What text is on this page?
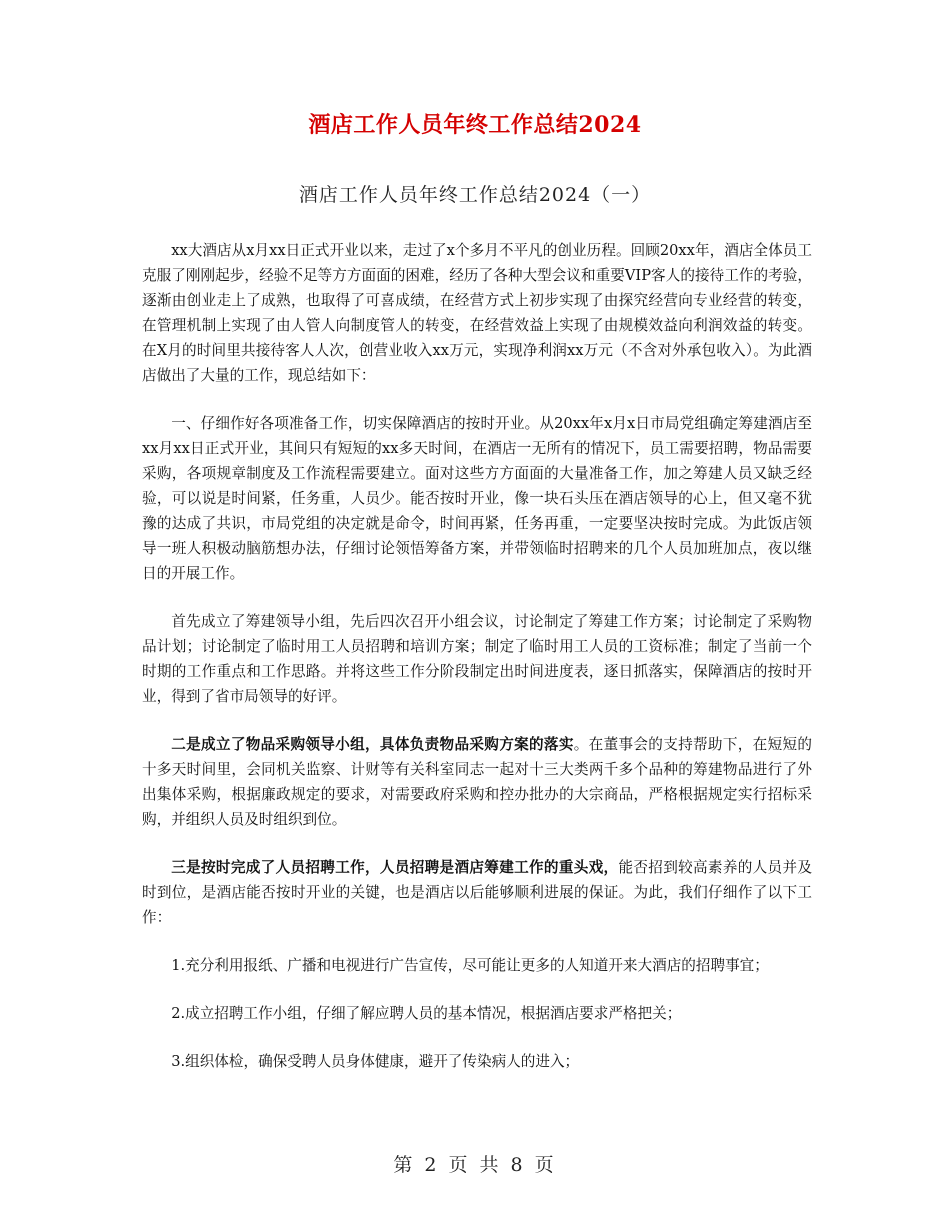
酒店工作人员年终工作总结2024
酒店工作人员年终工作总结2024（一）

xx大酒店从x月xx日正式开业以来，走过了x个多月不平凡的创业历程。回顾20xx年，酒店全体员工克服了刚刚起步，经验不足等方方面面的困难，经历了各种大型会议和重要VIP客人的接待工作的考验，逐渐由创业走上了成熟，也取得了可喜成绩，在经营方式上初步实现了由探究经营向专业经营的转变，在管理机制上实现了由人管人向制度管人的转变，在经营效益上实现了由规模效益向利润效益的转变。在X月的时间里共接待客人人次，创营业收入xx万元，实现净利润xx万元（不含对外承包收入）。为此酒店做出了大量的工作，现总结如下：

一、仔细作好各项准备工作，切实保障酒店的按时开业。从20xx年x月x日市局党组确定筹建酒店至xx月xx日正式开业，其间只有短短的xx多天时间，在酒店一无所有的情况下，员工需要招聘，物品需要采购，各项规章制度及工作流程需要建立。面对这些方方面面的大量准备工作，加之筹建人员又缺乏经验，可以说是时间紧，任务重，人员少。能否按时开业，像一块石头压在酒店领导的心上，但又毫不犹豫的达成了共识，市局党组的决定就是命令，时间再紧，任务再重，一定要坚决按时完成。为此饭店领导一班人积极动脑筋想办法，仔细讨论领悟筹备方案，并带领临时招聘来的几个人员加班加点，夜以继日的开展工作。

首先成立了筹建领导小组，先后四次召开小组会议，讨论制定了筹建工作方案；讨论制定了采购物品计划；讨论制定了临时用工人员招聘和培训方案；制定了临时用工人员的工资标准；制定了当前一个时期的工作重点和工作思路。并将这些工作分阶段制定出时间进度表，逐日抓落实，保障酒店的按时开业，得到了省市局领导的好评。

二是成立了物品采购领导小组，具体负责物品采购方案的落实。在董事会的支持帮助下，在短短的十多天时间里，会同机关监察、计财等有关科室同志一起对十三大类两千多个品种的筹建物品进行了外出集体采购，根据廉政规定的要求，对需要政府采购和控办批办的大宗商品，严格根据规定实行招标采购，并组织人员及时组织到位。

三是按时完成了人员招聘工作，人员招聘是酒店筹建工作的重头戏，能否招到较高素养的人员并及时到位，是酒店能否按时开业的关键，也是酒店以后能够顺利进展的保证。为此，我们仔细作了以下工作：

1.充分利用报纸、广播和电视进行广告宣传，尽可能让更多的人知道开来大酒店的招聘事宜；

2.成立招聘工作小组，仔细了解应聘人员的基本情况，根据酒店要求严格把关；

3.组织体检，确保受聘人员身体健康，避开了传染病人的进入；

第 2 页 共 8 页
